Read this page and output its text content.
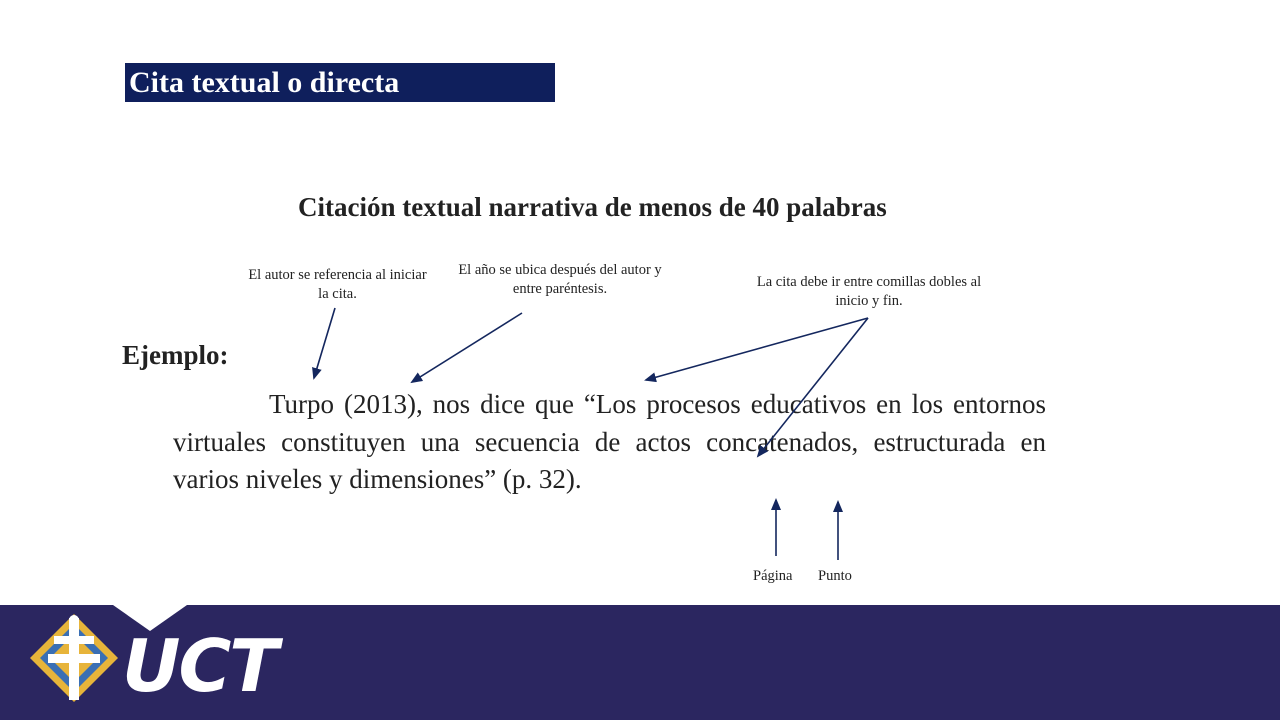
Cita textual o directa
Citación textual narrativa de menos de 40 palabras
El autor se referencia al iniciar la cita.
El año se ubica después del autor y entre paréntesis.	La cita debe ir entre comillas dobles al inicio y fin.
Ejemplo:
Turpo (2013), nos dice que “Los procesos educativos en los entornos virtuales constituyen una secuencia de actos concatenados, estructurada en varios niveles y dimensiones” (p. 32).
Página Punto
UCT
